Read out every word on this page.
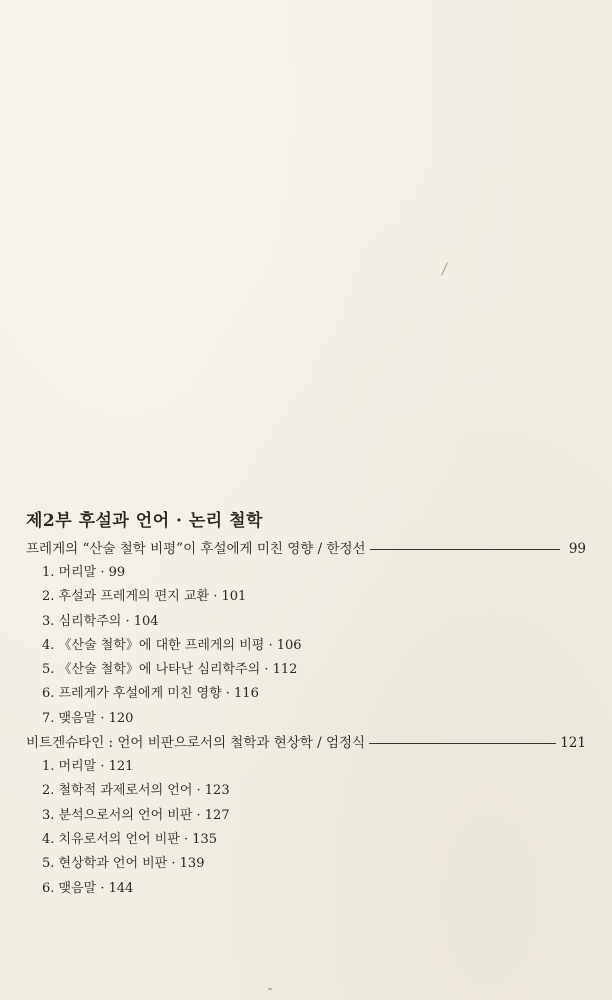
제2부 후설과 언어 · 논리 철학
프레게의 “산술 철학 비평”이 후설에게 미친 영향 / 한정선	99
1. 머리말 · 99
2. 후설과 프레게의 편지 교환 · 101
3. 심리학주의 · 104
4. 《산술 철학》에 대한 프레게의 비평 · 106
5. 《산술 철학》에 나타난 심리학주의 · 112
6. 프레게가 후설에게 미친 영향 · 116
7. 맺음말 · 120
비트겐슈타인 : 언어 비판으로서의 철학과 현상학 / 엄정식	121
1. 머리말 · 121
2. 철학적 과제로서의 언어 · 123
3. 분석으로서의 언어 비판 · 127
4. 치유로서의 언어 비판 · 135
5. 현상학과 언어 비판 · 139
6. 맺음말 · 144
